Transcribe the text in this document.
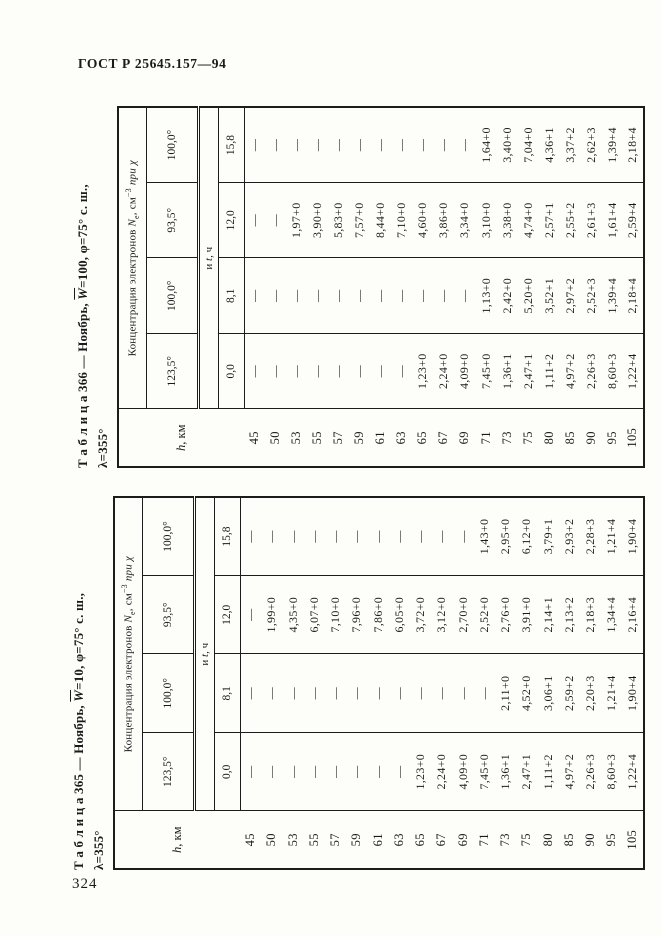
ГОСТ Р 25645.157—94
Т а б л и ц а 366 — Ноябрь, $\overline{W}=100$, φ=75° с. ш.,
λ=355°	h, км	Концентрация электронов $N_e$, $см^{-3}$ при χ			
	123,5°	100,0°	93,5°	100,0°
	и t, ч			
	0,0	8,1	12,0	15,8
45	—	—	—	—
50	—	—	—	—
53	—	—	1,97+0	—
55	—	—	3,90+0	—
57	—	—	5,83+0	—
59	—	—	7,57+0	—
61	—	—	8,44+0	—
63	—	—	7,10+0	—
65	1,23+0	—	4,60+0	—
67	2,24+0	—	3,86+0	—
69	4,09+0	—	3,34+0	—
71	7,45+0	1,13+0	3,10+0	1,64+0
73	1,36+1	2,42+0	3,38+0	3,40+0
75	2,47+1	5,20+0	4,74+0	7,04+0
80	1,11+2	3,52+1	2,57+1	4,36+1
85	4,97+2	2,97+2	2,55+2	3,37+2
90	2,26+3	2,52+3	2,61+3	2,62+3
95	8,60+3	1,39+4	1,61+4	1,39+4
105	1,22+4	2,18+4	2,59+4	2,18+4
Т а б л и ц а 365 — Ноябрь, $\overline{W}=10$, φ=75° с. ш.,
λ=355°	h, км	Концентрация электронов $N_e$, $см^{-3}$ при χ			
	123,5°	100,0°	93,5°	100,0°
	и t, ч			
	0,0	8,1	12,0	15,8
45	—	—	—	—
50	—	—	1,99+0	—
53	—	—	4,35+0	—
55	—	—	6,07+0	—
57	—	—	7,10+0	—
59	—	—	7,96+0	—
61	—	—	7,86+0	—
63	—	—	6,05+0	—
65	1,23+0	—	3,72+0	—
67	2,24+0	—	3,12+0	—
69	4,09+0	—	2,70+0	—
71	7,45+0	—	2,52+0	1,43+0
73	1,36+1	2,11+0	2,76+0	2,95+0
75	2,47+1	4,52+0	3,91+0	6,12+0
80	1,11+2	3,06+1	2,14+1	3,79+1
85	4,97+2	2,59+2	2,13+2	2,93+2
90	2,26+3	2,20+3	2,18+3	2,28+3
95	8,60+3	1,21+4	1,34+4	1,21+4
105	1,22+4	1,90+4	2,16+4	1,90+4
324
